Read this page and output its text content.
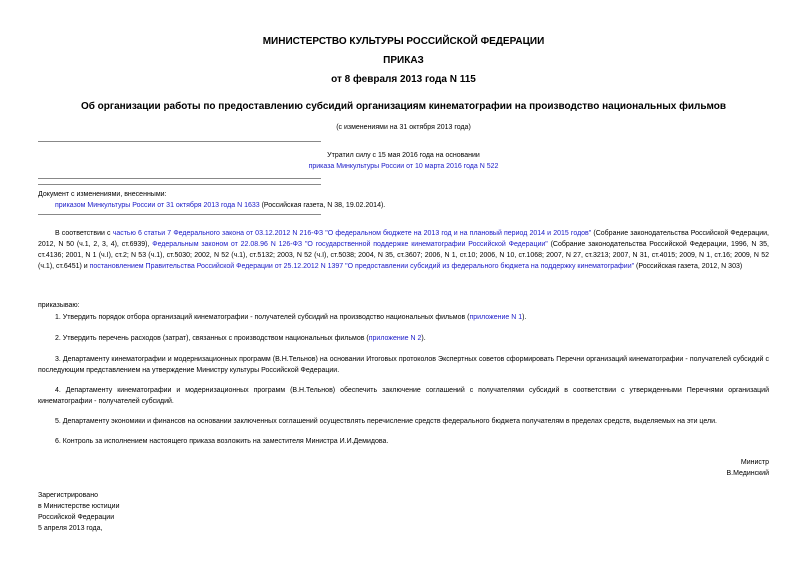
МИНИСТЕРСТВО КУЛЬТУРЫ РОССИЙСКОЙ ФЕДЕРАЦИИ
ПРИКАЗ
от 8 февраля 2013 года N 115
Об организации работы по предоставлению субсидий организациям кинематографии на производство национальных фильмов
(с изменениями на 31 октября 2013 года)
Утратил силу с 15 мая 2016 года на основании
приказа Минкультуры России от 10 марта 2016 года N 522
Документ с изменениями, внесенными:
приказом Минкультуры России от 31 октября 2013 года N 1633 (Российская газета, N 38, 19.02.2014).
В соответствии с частью 6 статьи 7 Федерального закона от 03.12.2012 N 216-ФЗ "О федеральном бюджете на 2013 год и на плановый период 2014 и 2015 годов" (Собрание законодательства Российской Федерации, 2012, N 50 (ч.1, 2, 3, 4), ст.6939), Федеральным законом от 22.08.96 N 126-ФЗ "О государственной поддержке кинематографии Российской Федерации" (Собрание законодательства Российской Федерации, 1996, N 35, ст.4136; 2001, N 1 (ч.I), ст.2; N 53 (ч.1), ст.5030; 2002, N 52 (ч.1), ст.5132; 2003, N 52 (ч.I), ст.5038; 2004, N 35, ст.3607; 2006, N 1, ст.10; 2006, N 10, ст.1068; 2007, N 27, ст.3213; 2007, N 31, ст.4015; 2009, N 1, ст.16; 2009, N 52 (ч.1), ст.6451) и постановлением Правительства Российской Федерации от 25.12.2012 N 1397 "О предоставлении субсидий из федерального бюджета на поддержку кинематографии" (Российская газета, 2012, N 303)
приказываю:
1. Утвердить порядок отбора организаций кинематографии - получателей субсидий на производство национальных фильмов (приложение N 1).
2. Утвердить перечень расходов (затрат), связанных с производством национальных фильмов (приложение N 2).
3. Департаменту кинематографии и модернизационных программ (В.Н.Тельнов) на основании Итоговых протоколов Экспертных советов сформировать Перечни организаций кинематографии - получателей субсидий с последующим представлением на утверждение Министру культуры Российской Федерации.
4. Департаменту кинематографии и модернизационных программ (В.Н.Тельнов) обеспечить заключение соглашений с получателями субсидий в соответствии с утвержденными Перечнями организаций кинематографии - получателей субсидий.
5. Департаменту экономики и финансов на основании заключенных соглашений осуществлять перечисление средств федерального бюджета получателям в пределах средств, выделяемых на эти цели.
6. Контроль за исполнением настоящего приказа возложить на заместителя Министра И.И.Демидова.
Министр
В.Мединский
Зарегистрировано
в Министерстве юстиции
Российской Федерации
5 апреля 2013 года,
